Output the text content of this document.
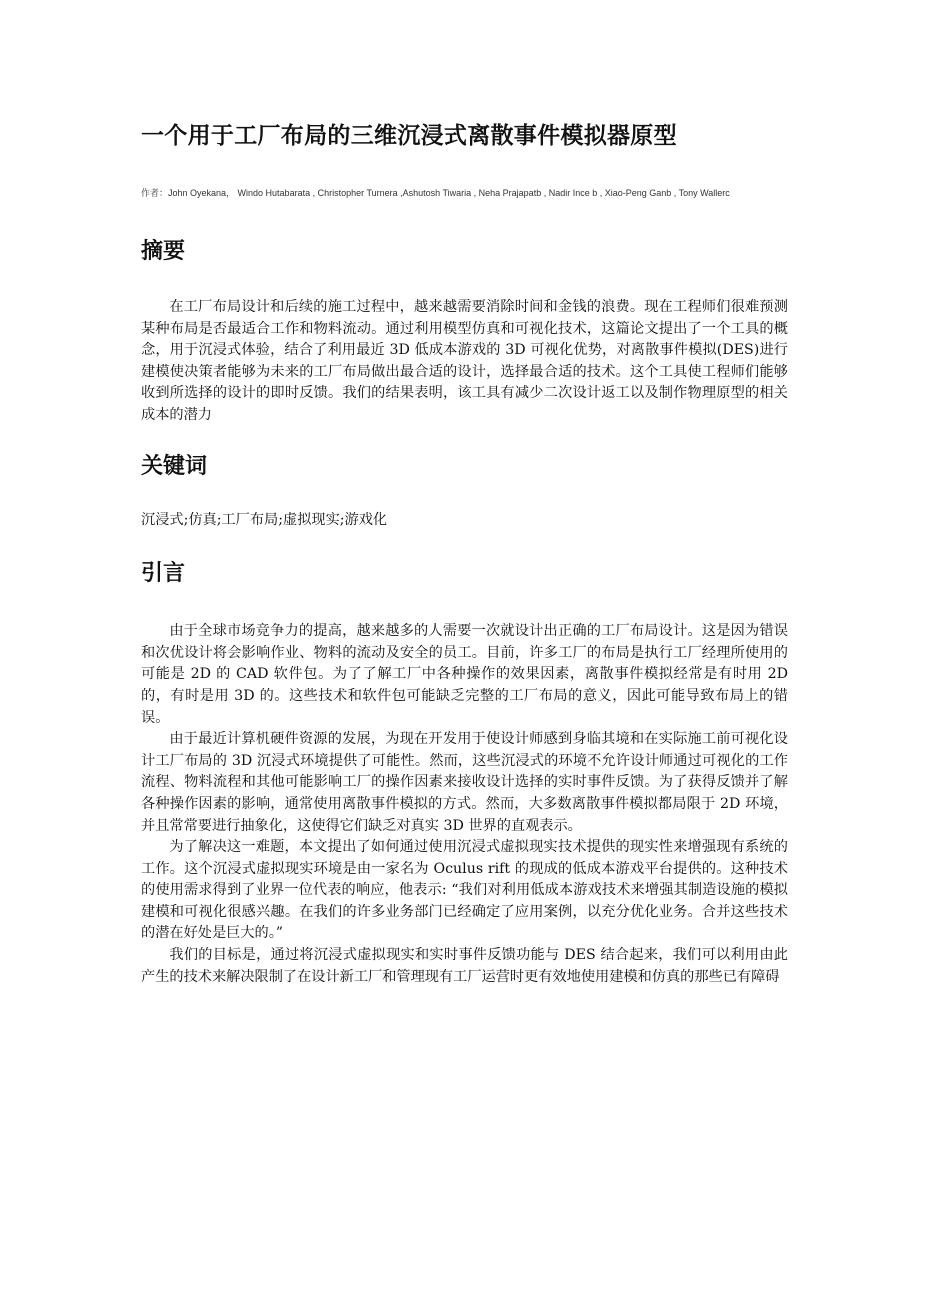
一个用于工厂布局的三维沉浸式离散事件模拟器原型
作者：John Oyekana， Windo Hutabarata , Christopher Turnera ,Ashutosh Tiwaria , Neha Prajapatb , Nadir Ince b , Xiao-Peng Ganb , Tony Wallerc
摘要

在工厂布局设计和后续的施工过程中，越来越需要消除时间和金钱的浪费。现在工程师们很难预测某种布局是否最适合工作和物料流动。通过利用模型仿真和可视化技术，这篇论文提出了一个工具的概念，用于沉浸式体验，结合了利用最近 3D 低成本游戏的 3D 可视化优势，对离散事件模拟(DES)进行建模使决策者能够为未来的工厂布局做出最合适的设计，选择最合适的技术。这个工具使工程师们能够收到所选择的设计的即时反馈。我们的结果表明，该工具有减少二次设计返工以及制作物理原型的相关成本的潜力

关键词
沉浸式;仿真;工厂布局;虚拟现实;游戏化
引言

由于全球市场竞争力的提高，越来越多的人需要一次就设计出正确的工厂布局设计。这是因为错误和次优设计将会影响作业、物料的流动及安全的员工。目前，许多工厂的布局是执行工厂经理所使用的可能是 2D 的 CAD 软件包。为了了解工厂中各种操作的效果因素，离散事件模拟经常是有时用 2D 的，有时是用 3D 的。这些技术和软件包可能缺乏完整的工厂布局的意义，因此可能导致布局上的错误。

由于最近计算机硬件资源的发展，为现在开发用于使设计师感到身临其境和在实际施工前可视化设计工厂布局的 3D 沉浸式环境提供了可能性。然而，这些沉浸式的环境不允许设计师通过可视化的工作流程、物料流程和其他可能影响工厂的操作因素来接收设计选择的实时事件反馈。为了获得反馈并了解各种操作因素的影响，通常使用离散事件模拟的方式。然而，大多数离散事件模拟都局限于 2D 环境，并且常常要进行抽象化，这使得它们缺乏对真实 3D 世界的直观表示。

为了解决这一难题，本文提出了如何通过使用沉浸式虚拟现实技术提供的现实性来增强现有系统的工作。这个沉浸式虚拟现实环境是由一家名为 Oculus rift 的现成的低成本游戏平台提供的。这种技术的使用需求得到了业界一位代表的响应，他表示: “我们对利用低成本游戏技术来增强其制造设施的模拟建模和可视化很感兴趣。在我们的许多业务部门已经确定了应用案例，以充分优化业务。合并这些技术的潜在好处是巨大的。”

我们的目标是，通过将沉浸式虚拟现实和实时事件反馈功能与 DES 结合起来，我们可以利用由此产生的技术来解决限制了在设计新工厂和管理现有工厂运营时更有效地使用建模和仿真的那些已有障碍
